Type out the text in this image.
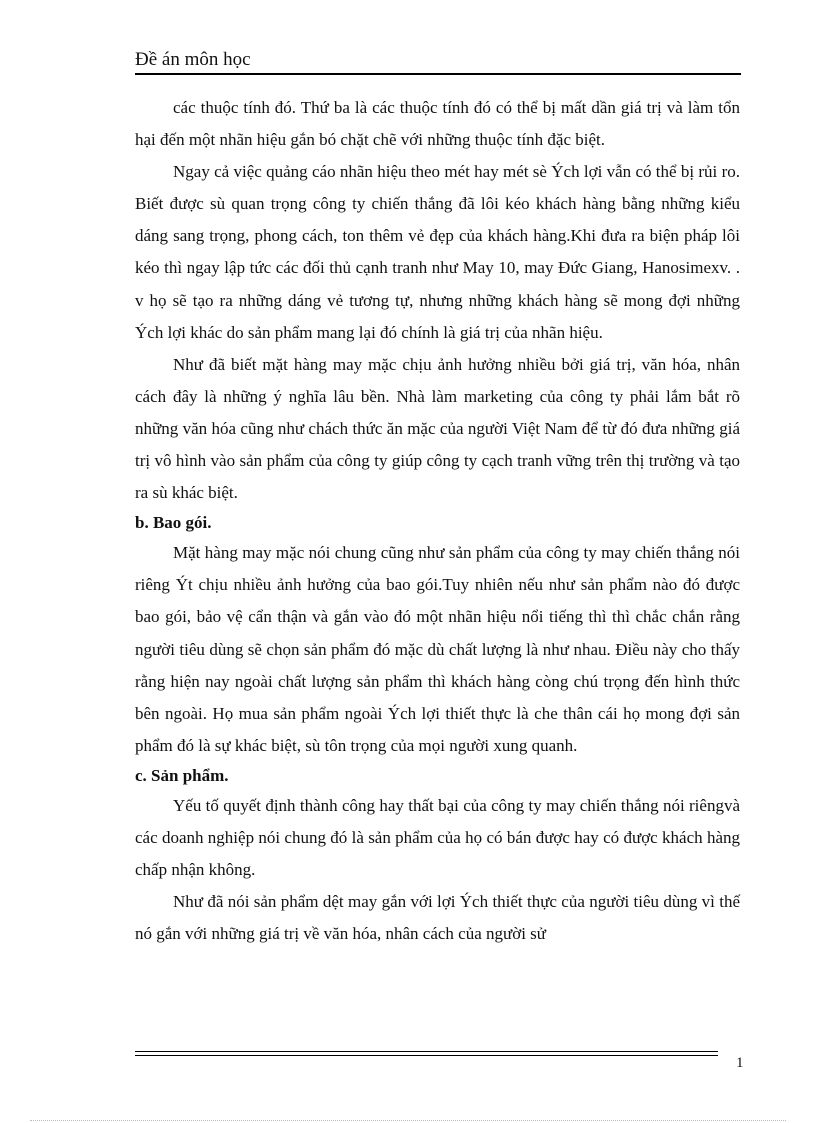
Đề án môn học

các thuộc tính đó. Thứ ba là các thuộc tính đó có thể bị mất dần giá trị và làm tổn hại đến một nhãn hiệu gắn bó chặt chẽ với những thuộc tính đặc biệt.

Ngay cả việc quảng cáo nhãn hiệu theo mét hay mét sè Ých lợi vẫn có thể bị rủi ro. Biết được sù quan trọng công ty chiến thắng đã lôi kéo khách hàng bằng những kiểu dáng sang trọng, phong cách, ton thêm vẻ đẹp của khách hàng.Khi đưa ra biện pháp lôi kéo thì ngay lập tức các đối thủ cạnh tranh như May 10, may Đức Giang, Hanosimexv. . v họ sẽ tạo ra những dáng vẻ tương tự, nhưng những khách hàng sẽ mong đợi những Ých lợi khác do sản phẩm mang lại đó chính là giá trị của nhãn hiệu.

Như đã biết mặt hàng may mặc chịu ảnh hưởng nhiều bởi giá trị, văn hóa, nhân cách đây là những ý nghĩa lâu bền. Nhà làm marketing của công ty phải lắm bắt rõ những văn hóa cũng như chách thức ăn mặc của người Việt Nam để từ đó đưa những giá trị vô hình vào sản phẩm của công ty giúp công ty cạch tranh vững trên thị trường và tạo ra sù khác biệt.

b. Bao gói.

Mặt hàng may mặc nói chung cũng như sản phẩm của công ty may chiến thắng nói riêng Ýt chịu nhiều ảnh hưởng của bao gói.Tuy nhiên nếu như sản phẩm nào đó được bao gói, bảo vệ cẩn thận và gắn vào đó một nhãn hiệu nổi tiếng thì thì chắc chắn rằng người tiêu dùng sẽ chọn sản phẩm đó mặc dù chất lượng là như nhau. Điều này cho thấy rằng hiện nay ngoài chất lượng sản phẩm thì khách hàng còng chú trọng đến hình thức bên ngoài. Họ mua sản phẩm ngoài Ých lợi thiết thực là che thân cái họ mong đợi sản phẩm đó là sự khác biệt, sù tôn trọng của mọi người xung quanh.

c. Sản phẩm.

Yếu tố quyết định thành công hay thất bại của công ty may chiến thắng nói riêngvà các doanh nghiệp nói chung đó là sản phẩm của họ có bán được hay có được khách hàng chấp nhận không.

Như đã nói sản phẩm dệt may gắn với lợi Ých thiết thực của người tiêu dùng vì thế nó gắn với những giá trị về văn hóa, nhân cách của người sử

1
